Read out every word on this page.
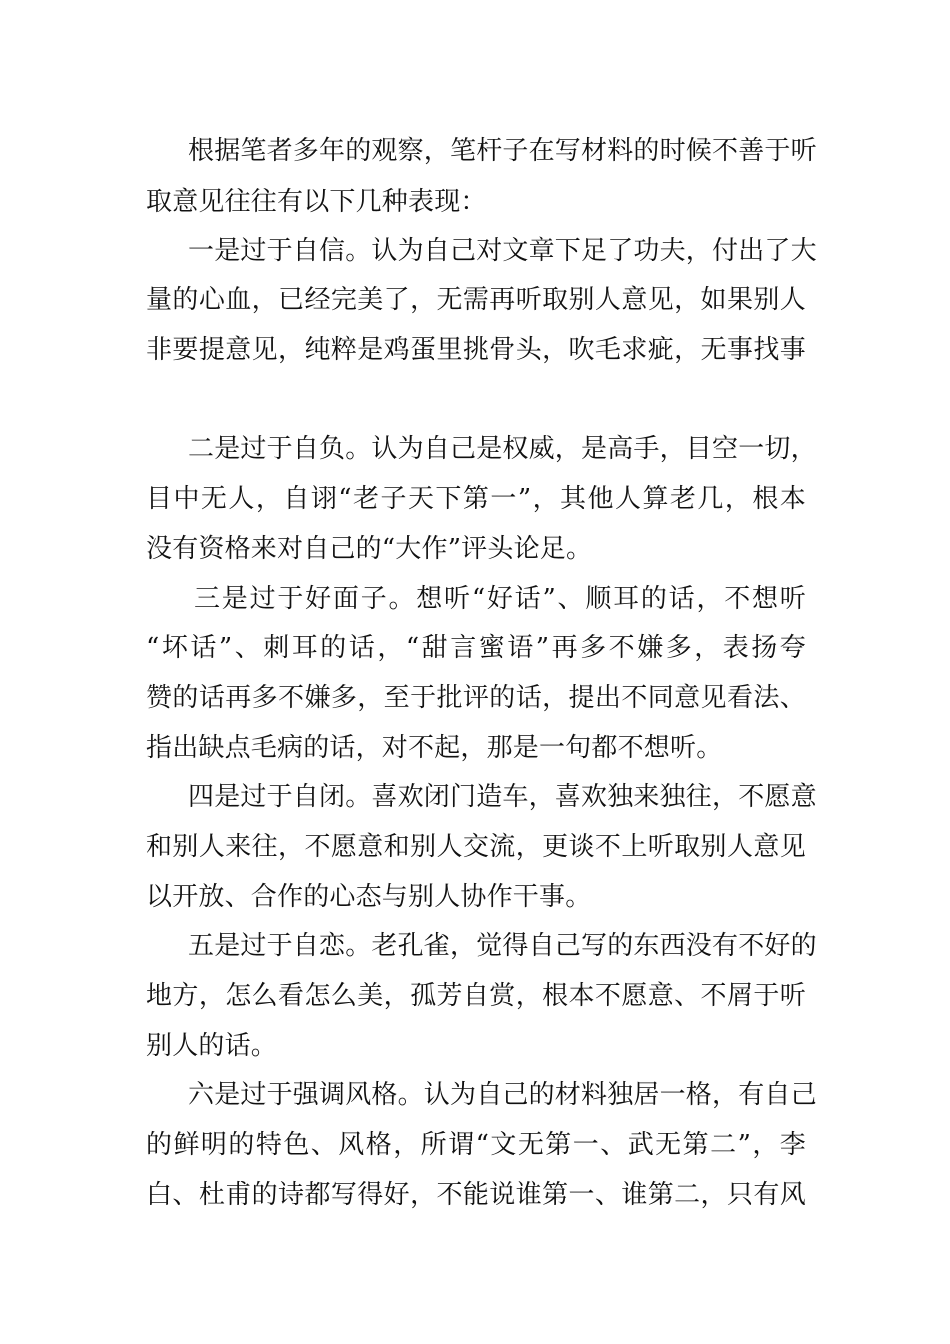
根据笔者多年的观察，笔杆子在写材料的时候不善于听
取意见往往有以下几种表现：
一是过于自信。认为自己对文章下足了功夫，付出了大
量的心血，已经完美了，无需再听取别人意见，如果别人
非要提意见，纯粹是鸡蛋里挑骨头，吹毛求疵，无事找事
二是过于自负。认为自己是权威，是高手，目空一切，
目中无人，自诩“老子天下第一”，其他人算老几，根本
没有资格来对自己的“大作”评头论足。
三是过于好面子。想听“好话”、顺耳的话，不想听
“坏话”、刺耳的话，“甜言蜜语”再多不嫌多，表扬夸
赞的话再多不嫌多，至于批评的话，提出不同意见看法、
指出缺点毛病的话，对不起，那是一句都不想听。
四是过于自闭。喜欢闭门造车，喜欢独来独往，不愿意
和别人来往，不愿意和别人交流，更谈不上听取别人意见
以开放、合作的心态与别人协作干事。
五是过于自恋。老孔雀，觉得自己写的东西没有不好的
地方，怎么看怎么美，孤芳自赏，根本不愿意、不屑于听
别人的话。
六是过于强调风格。认为自己的材料独居一格，有自己
的鲜明的特色、风格，所谓“文无第一、武无第二”，李
白、杜甫的诗都写得好，不能说谁第一、谁第二，只有风
